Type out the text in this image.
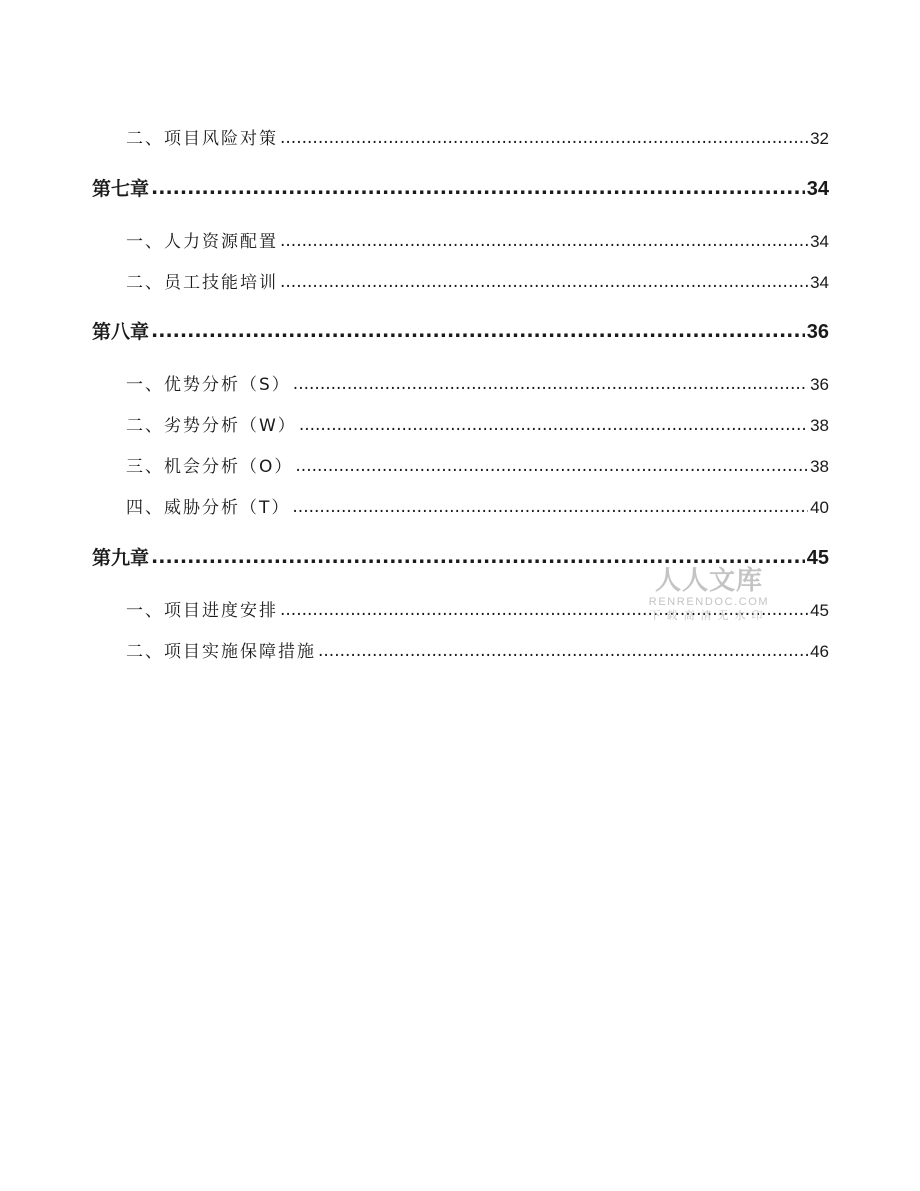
二、 项目风险对策 .....	32
第七章 .....	34
一、 人力资源配置 .....	34
二、 员工技能培训 .....	34
第八章 .....	36
一、 优势分析（S） .....	36
二、 劣势分析（W） .....	38
三、 机会分析（O） .....	38
四、 威胁分析（T） .....	40
第九章 .....	45
一、 项目进度安排 .....	45
二、 项目实施保障措施 .....	46
人人文库
RENRENDOC.COM
下载高清无水印
